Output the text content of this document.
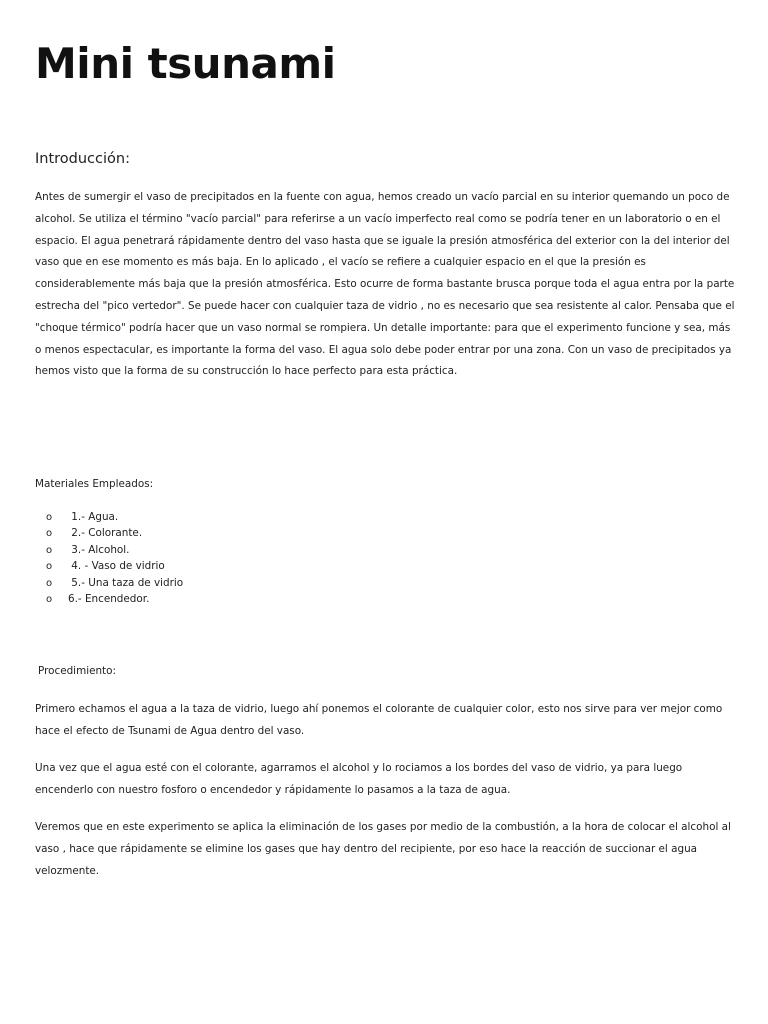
Mini tsunami
Introducción:

Antes de sumergir el vaso de precipitados en la fuente con agua, hemos creado un vacío parcial en su interior quemando un poco de alcohol. Se utiliza el término "vacío parcial" para referirse a un vacío imperfecto real como se podría tener en un laboratorio o en el espacio. El agua penetrará rápidamente dentro del vaso hasta que se iguale la presión atmosférica del exterior con la del interior del vaso que en ese momento es más baja. En lo aplicado , el vacío se refiere a cualquier espacio en el que la presión es considerablemente más baja que la presión atmosférica. Esto ocurre de forma bastante brusca porque toda el agua entra por la parte estrecha del "pico vertedor". Se puede hacer con cualquier taza de vidrio , no es necesario que sea resistente al calor. Pensaba que el "choque térmico" podría hacer que un vaso normal se rompiera. Un detalle importante: para que el experimento funcione y sea, más o menos espectacular, es importante la forma del vaso. El agua solo debe poder entrar por una zona. Con un vaso de precipitados ya hemos visto que la forma de su construcción lo hace perfecto para esta práctica.

Materiales Empleados:

o 1.- Agua.
o 2.- Colorante.
o 3.- Alcohol.
o 4. - Vaso de vidrio
o 5.- Una taza de vidrio
o 6.- Encendedor.

Procedimiento:

Primero echamos el agua a la taza de vidrio, luego ahí ponemos el colorante de cualquier color, esto nos sirve para ver mejor como hace el efecto de Tsunami de Agua dentro del vaso.

Una vez que el agua esté con el colorante, agarramos el alcohol y lo rociamos a los bordes del vaso de vidrio, ya para luego encenderlo con nuestro fosforo o encendedor y rápidamente lo pasamos a la taza de agua.

Veremos que en este experimento se aplica la eliminación de los gases por medio de la combustión, a la hora de colocar el alcohol al vaso , hace que rápidamente se elimine los gases que hay dentro del recipiente, por eso hace la reacción de succionar el agua velozmente.
